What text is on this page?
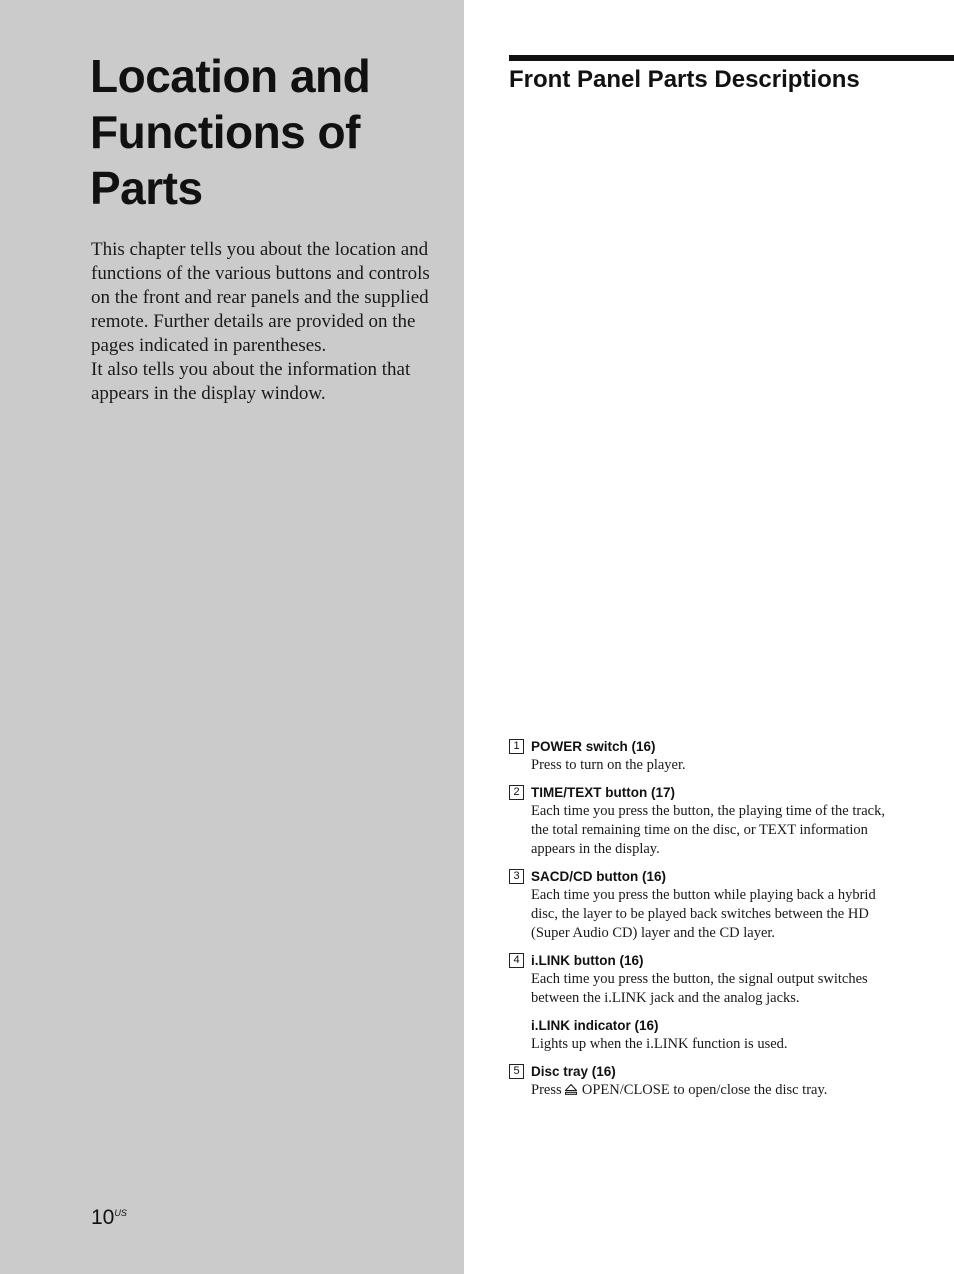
Location and Functions of Parts

This chapter tells you about the location and functions of the various buttons and controls on the front and rear panels and the supplied remote. Further details are provided on the pages indicated in parentheses.

It also tells you about the information that appears in the display window.

$10^{US}$
Front Panel Parts Descriptions
1 POWER switch (16)
Press to turn on the player.
2 TIME/TEXT button (17)
Each time you press the button, the playing time of the track, the total remaining time on the disc, or TEXT information appears in the display.
3 SACD/CD button (16)
Each time you press the button while playing back a hybrid disc, the layer to be played back switches between the HD (Super Audio CD) layer and the CD layer.
4 i.LINK button (16)
Each time you press the button, the signal output switches between the i.LINK jack and the analog jacks.
i.LINK indicator (16)
Lights up when the i.LINK function is used.
5 Disc tray (16)
Press OPEN/CLOSE to open/close the disc tray.
